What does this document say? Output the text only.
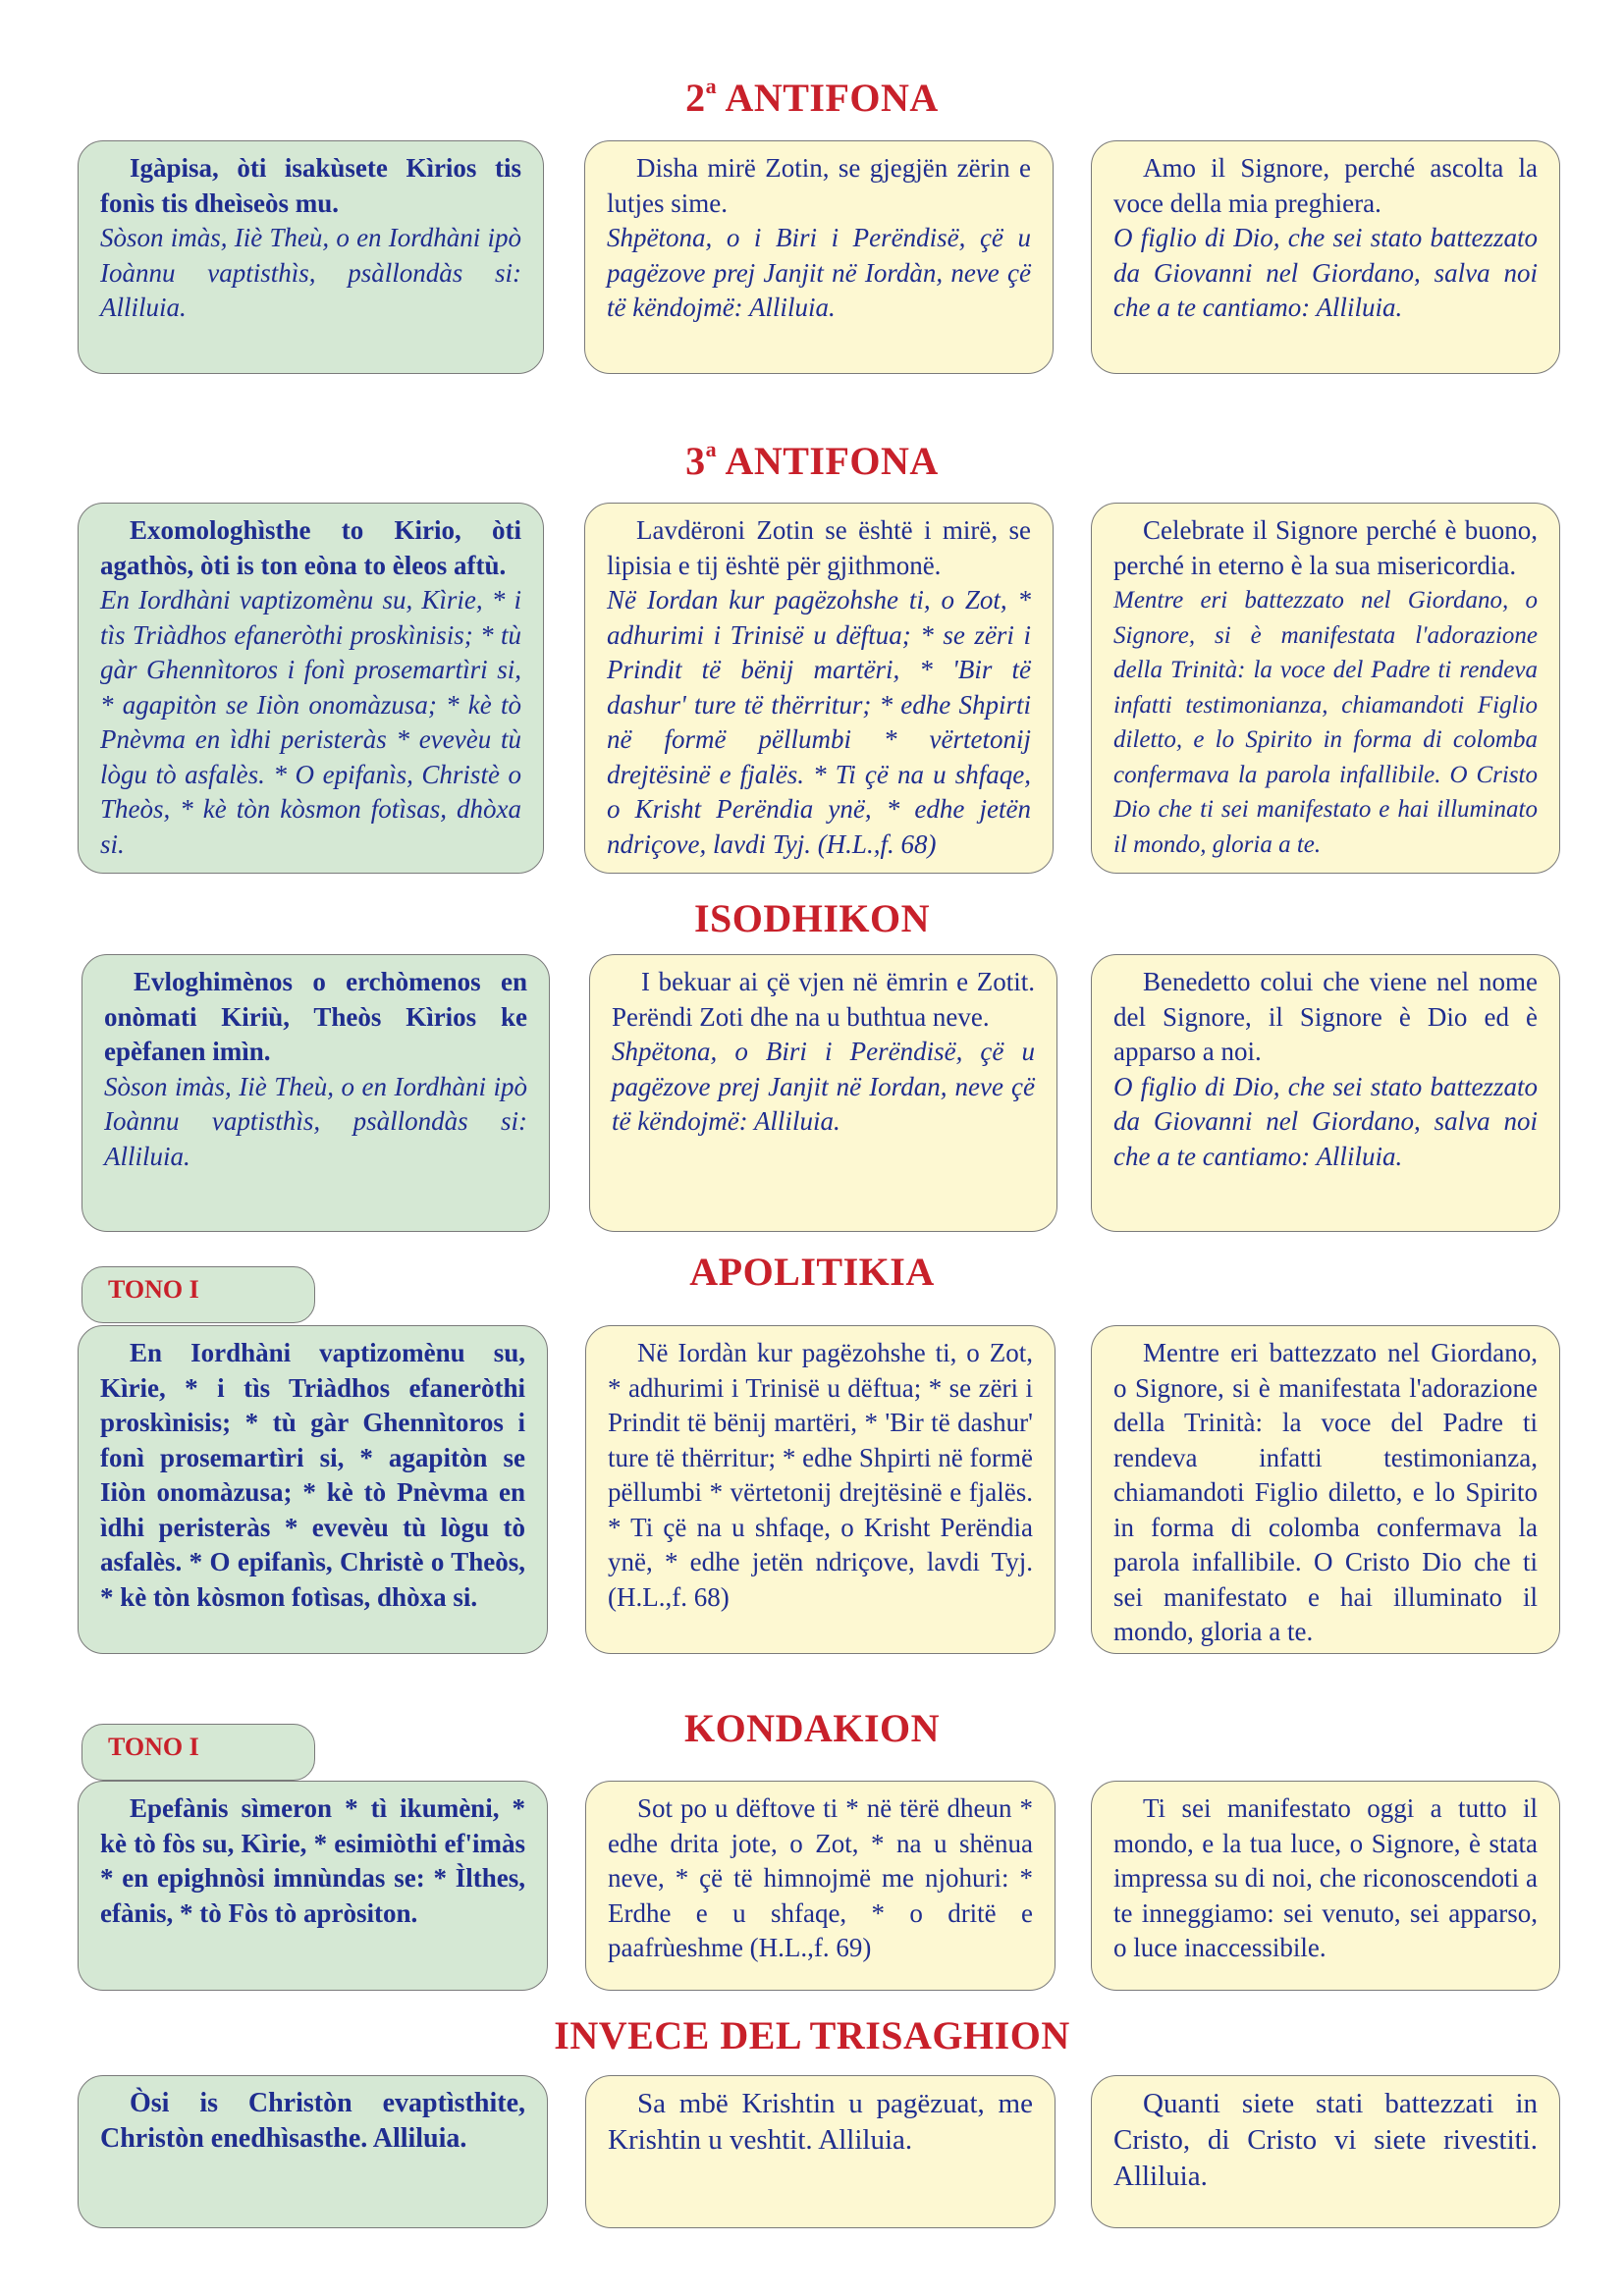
2$^a$ ANTIFONA
Igàpisa, òti isakùsete Kìrios tis fonìs tis dheìseòs mu.
Sòson imàs, Iiè Theù, o en Iordhàni ipò Ioànnu vaptisthìs, psàllondàs si: Alliluia.
Disha mirë Zotin, se gjegjën zërin e lutjes sime.
Shpëtona, o i Biri i Perëndisë, çë u pagëzove prej Janjit në Iordàn, neve çë të këndojmë: Alliluia.
Amo il Signore, perché ascolta la voce della mia preghiera.
O figlio di Dio, che sei stato battezzato da Giovanni nel Giordano, salva noi che a te cantiamo: Alliluia.
3$^a$ ANTIFONA
Exomologhìsthe to Kirio, òti agathòs, òti is ton eòna to èleos aftù.
En Iordhàni vaptizomènu su, Kìrie, * i tìs Triàdhos efaneròthi proskìnisis; * tù gàr Ghennìtoros i fonì prosemartìri si, * agapitòn se Iiòn onomàzusa; * kè tò Pnèvma en ìdhi peristeràs * evevèu tù lògu tò asfalès. * O epifanìs, Christè o Theòs, * kè tòn kòsmon fotìsas, dhòxa si.
Lavdëroni Zotin se është i mirë, se lipisia e tij është për gjithmonë.
Në Iordan kur pagëzohshe ti, o Zot, * adhurimi i Trinisë u dëftua; * se zëri i Prindit të bënij martëri, * 'Bir të dashur' ture të thërritur; * edhe Shpirti në formë pëllumbi * vërtetonij drejtësinë e fjalës. * Ti çë na u shfaqe, o Krisht Perëndia ynë, * edhe jetën ndriçove, lavdi Tyj. (H.L.,f. 68)
Celebrate il Signore perché è buono, perché in eterno è la sua misericordia.
Mentre eri battezzato nel Giordano, o Signore, si è manifestata l'adorazione della Trinità: la voce del Padre ti rendeva infatti testimonianza, chiamandoti Figlio diletto, e lo Spirito in forma di colomba confermava la parola infallibile. O Cristo Dio che ti sei manifestato e hai illuminato il mondo, gloria a te.
ISODHIKON
Evloghimènos o erchòmenos en onòmati Kiriù, Theòs Kìrios ke epèfanen imìn.
Sòson imàs, Iiè Theù, o en Iordhàni ipò Ioànnu vaptisthìs, psàllondàs si: Alliluia.
I bekuar ai çë vjen në ëmrin e Zotit. Perëndi Zoti dhe na u buthtua neve.
Shpëtona, o Biri i Perëndisë, çë u pagëzove prej Janjit në Iordan, neve çë të këndojmë: Alliluia.
Benedetto colui che viene nel nome del Signore, il Signore è Dio ed è apparso a noi.
O figlio di Dio, che sei stato battezzato da Giovanni nel Giordano, salva noi che a te cantiamo: Alliluia.
TONO I	APOLITIKIA
En Iordhàni vaptizomènu su, Kìrie, * i tìs Triàdhos efaneròthi proskìnisis; * tù gàr Ghennìtoros i fonì prosemartìri si, * agapitòn se Iiòn onomàzusa; * kè tò Pnèvma en ìdhi peristeràs * evevèu tù lògu tò asfalès. * O epifanìs, Christè o Theòs, * kè tòn kòsmon fotìsas, dhòxa si.
Në Iordàn kur pagëzohshe ti, o Zot, * adhurimi i Trinisë u dëftua; * se zëri i Prindit të bënij martëri, * 'Bir të dashur' ture të thërritur; * edhe Shpirti në formë pëllumbi * vërtetonij drejtësinë e fjalës. * Ti çë na u shfaqe, o Krisht Perëndia ynë, * edhe jetën ndriçove, lavdi Tyj. (H.L.,f. 68)
Mentre eri battezzato nel Giordano, o Signore, si è manifestata l'adorazione della Trinità: la voce del Padre ti rendeva infatti testimonianza, chiamandoti Figlio diletto, e lo Spirito in forma di colomba confermava la parola infallibile. O Cristo Dio che ti sei manifestato e hai illuminato il mondo, gloria a te.
TONO I	KONDAKION
Epefànis sìmeron * tì ikumèni, * kè tò fòs su, Kìrie, * esimiòthi ef'imàs * en epighnòsi imnùndas se: * Ìlthes, efànis, * tò Fòs tò apròsiton.
Sot po u dëftove ti * në tërë dheun * edhe drita jote, o Zot, * na u shënua neve, * çë të himnojmë me njohuri: * Erdhe e u shfaqe, * o dritë e paafrùeshme (H.L.,f. 69)
Ti sei manifestato oggi a tutto il mondo, e la tua luce, o Signore, è stata impressa su di noi, che riconoscendoti a te inneggiamo: sei venuto, sei apparso, o luce inaccessibile.
INVECE DEL TRISAGHION
Òsi is Christòn evaptìsthite, Christòn enedhìsasthe. Alliluia.
Sa mbë Krishtin u pagëzuat, me Krishtin u veshtit. Alliluia.
Quanti siete stati battezzati in Cristo, di Cristo vi siete rivestiti. Alliluia.
